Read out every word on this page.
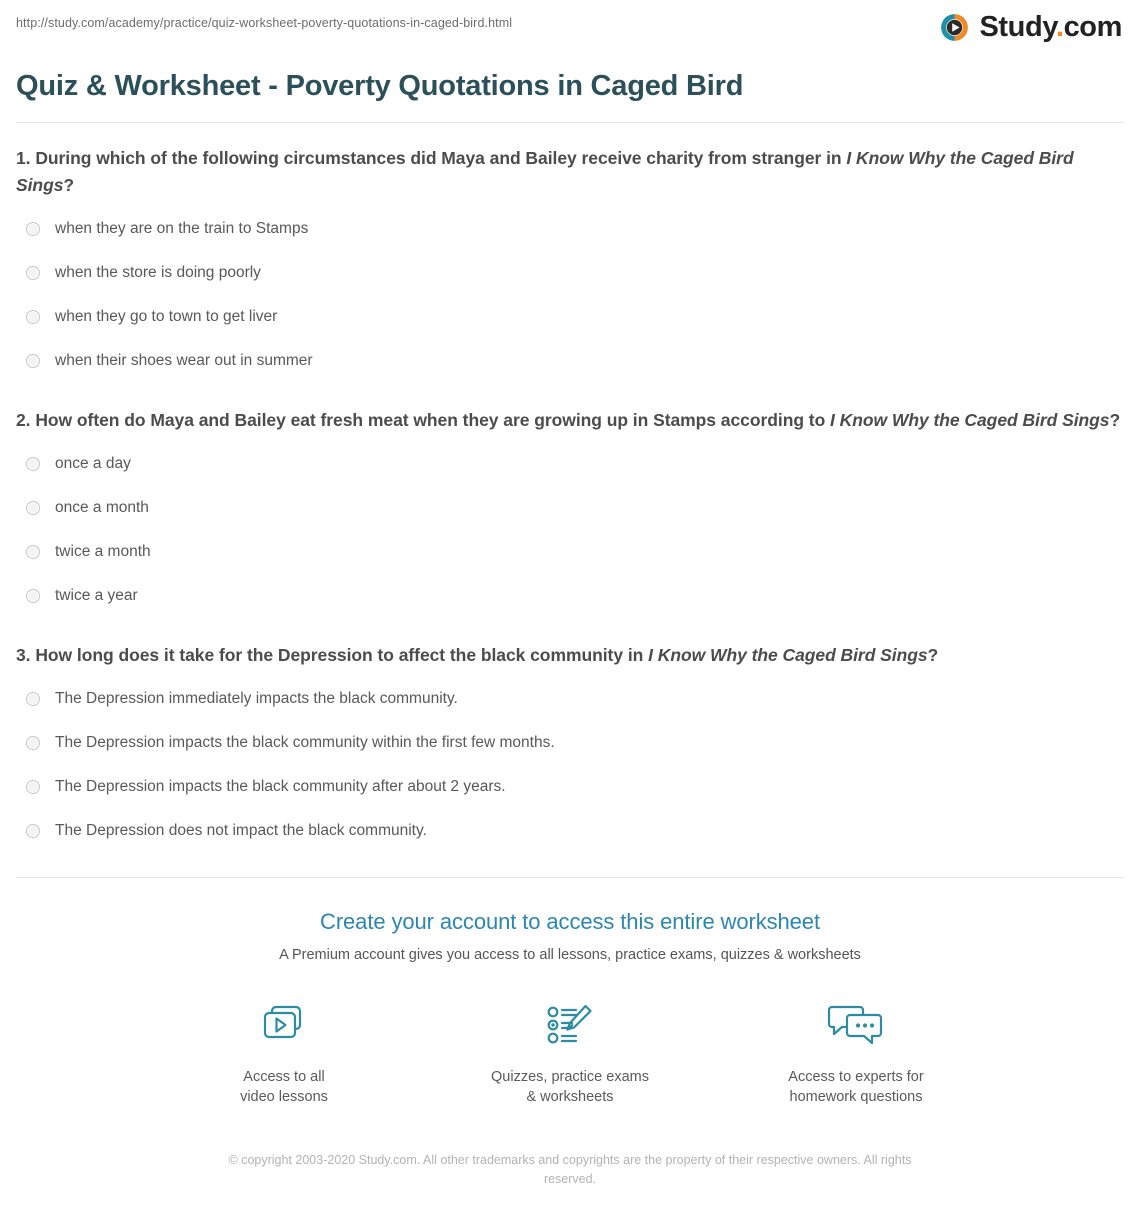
http://study.com/academy/practice/quiz-worksheet-poverty-quotations-in-caged-bird.html	Study.com
Quiz & Worksheet - Poverty Quotations in Caged Bird

1. During which of the following circumstances did Maya and Bailey receive charity from stranger in I Know Why the Caged Bird Sings?

when they are on the train to Stamps
when the store is doing poorly
when they go to town to get liver
when their shoes wear out in summer

2. How often do Maya and Bailey eat fresh meat when they are growing up in Stamps according to I Know Why the Caged Bird Sings?

once a day
once a month
twice a month
twice a year

3. How long does it take for the Depression to affect the black community in I Know Why the Caged Bird Sings?

The Depression immediately impacts the black community.
The Depression impacts the black community within the first few months.
The Depression impacts the black community after about 2 years.
The Depression does not impact the black community.
Create your account to access this entire worksheet
A Premium account gives you access to all lessons, practice exams, quizzes & worksheets
Access to all
video lessons
Quizzes, practice exams
& worksheets
Access to experts for
homework questions
© copyright 2003-2020 Study.com. All other trademarks and copyrights are the property of their respective owners. All rights reserved.
